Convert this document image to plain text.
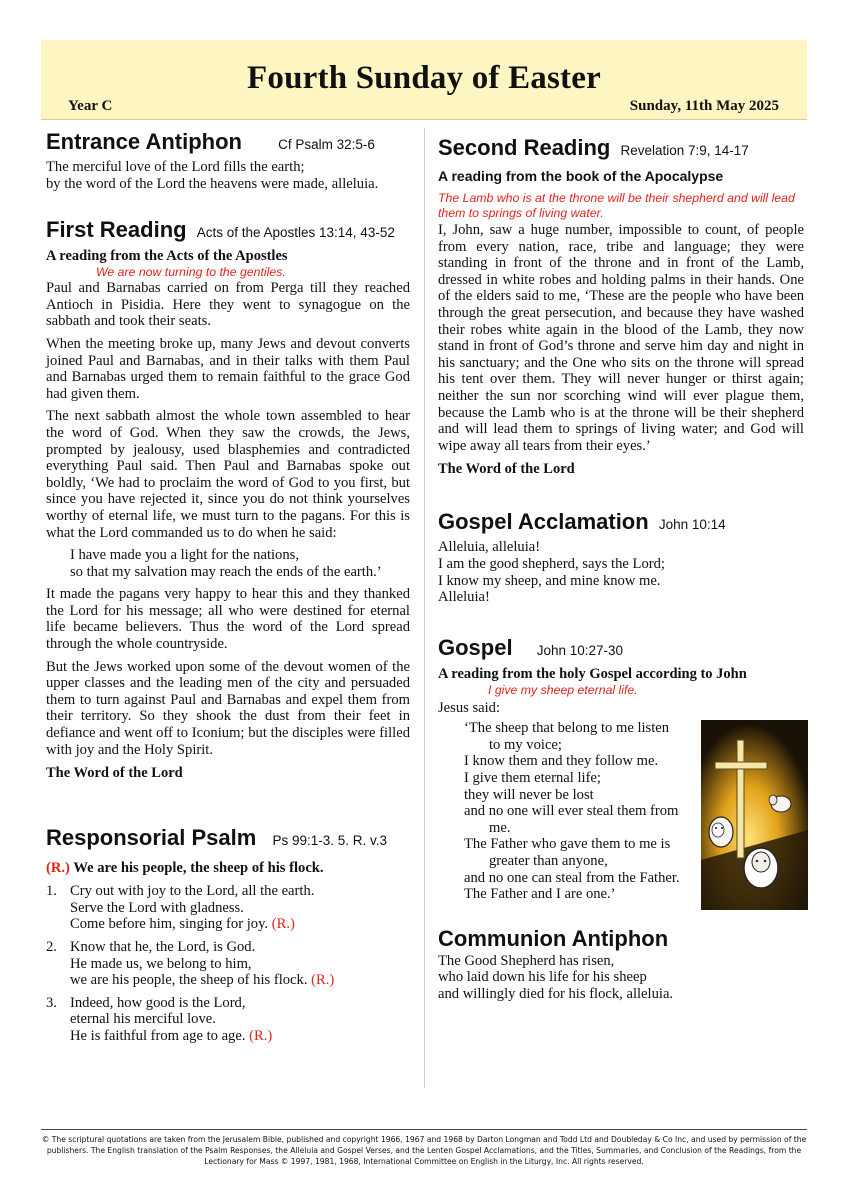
Fourth Sunday of Easter
Year C	Sunday, 11th May 2025
Entrance Antiphon	Cf Psalm 32:5-6
The merciful love of the Lord fills the earth;
by the word of the Lord the heavens were made, alleluia.
First Reading Acts of the Apostles 13:14, 43-52
A reading from the Acts of the Apostles
We are now turning to the gentiles.
Paul and Barnabas carried on from Perga till they reached Antioch in Pisidia. Here they went to synagogue on the sabbath and took their seats.
When the meeting broke up, many Jews and devout converts joined Paul and Barnabas, and in their talks with them Paul and Barnabas urged them to remain faithful to the grace God had given them.
The next sabbath almost the whole town assembled to hear the word of God. When they saw the crowds, the Jews, prompted by jealousy, used blasphemies and contradicted everything Paul said. Then Paul and Barnabas spoke out boldly, ‘We had to proclaim the word of God to you first, but since you have rejected it, since you do not think yourselves worthy of eternal life, we must turn to the pagans. For this is what the Lord commanded us to do when he said:
I have made you a light for the nations,
so that my salvation may reach the ends of the earth.’
It made the pagans very happy to hear this and they thanked the Lord for his message; all who were destined for eternal life became believers. Thus the word of the Lord spread through the whole countryside.
But the Jews worked upon some of the devout women of the upper classes and the leading men of the city and persuaded them to turn against Paul and Barnabas and expel them from their territory. So they shook the dust from their feet in defiance and went off to Iconium; but the disciples were filled with joy and the Holy Spirit.
The Word of the Lord
Responsorial Psalm Ps 99:1-3. 5. R. v.3
(R.) We are his people, the sheep of his flock.
1. Cry out with joy to the Lord, all the earth.
Serve the Lord with gladness.
Come before him, singing for joy. (R.)
2. Know that he, the Lord, is God.
He made us, we belong to him,
we are his people, the sheep of his flock. (R.)
3. Indeed, how good is the Lord,
eternal his merciful love.
He is faithful from age to age. (R.)
Second Reading Revelation 7:9, 14-17
A reading from the book of the Apocalypse
The Lamb who is at the throne will be their shepherd and will lead them to springs of living water.
I, John, saw a huge number, impossible to count, of people from every nation, race, tribe and language; they were standing in front of the throne and in front of the Lamb, dressed in white robes and holding palms in their hands. One of the elders said to me, ‘These are the people who have been through the great persecution, and because they have washed their robes white again in the blood of the Lamb, they now stand in front of God’s throne and serve him day and night in his sanctuary; and the One who sits on the throne will spread his tent over them. They will never hunger or thirst again; neither the sun nor scorching wind will ever plague them, because the Lamb who is at the throne will be their shepherd and will lead them to springs of living water; and God will wipe away all tears from their eyes.’
The Word of the Lord
Gospel Acclamation John 10:14
Alleluia, alleluia!
I am the good shepherd, says the Lord;
I know my sheep, and mine know me.
Alleluia!
Gospel John 10:27-30
A reading from the holy Gospel according to John
I give my sheep eternal life.
Jesus said:
‘The sheep that belong to me listen
to my voice;
I know them and they follow me.
I give them eternal life;
they will never be lost
and no one will ever steal them from
me.
The Father who gave them to me is
greater than anyone,
and no one can steal from the Father.
The Father and I are one.’
Communion Antiphon
The Good Shepherd has risen,
who laid down his life for his sheep
and willingly died for his flock, alleluia.
© The scriptural quotations are taken from the Jerusalem Bible, published and copyright 1966, 1967 and 1968 by Darton Longman and Todd Ltd and Doubleday & Co Inc, and used by permission of the publishers. The English translation of the Psalm Responses, the Alleluia and Gospel Verses, and the Lenten Gospel Acclamations, and the Titles, Summaries, and Conclusion of the Readings, from the Lectionary for Mass © 1997, 1981, 1968, International Committee on English in the Liturgy, Inc. All rights reserved.
